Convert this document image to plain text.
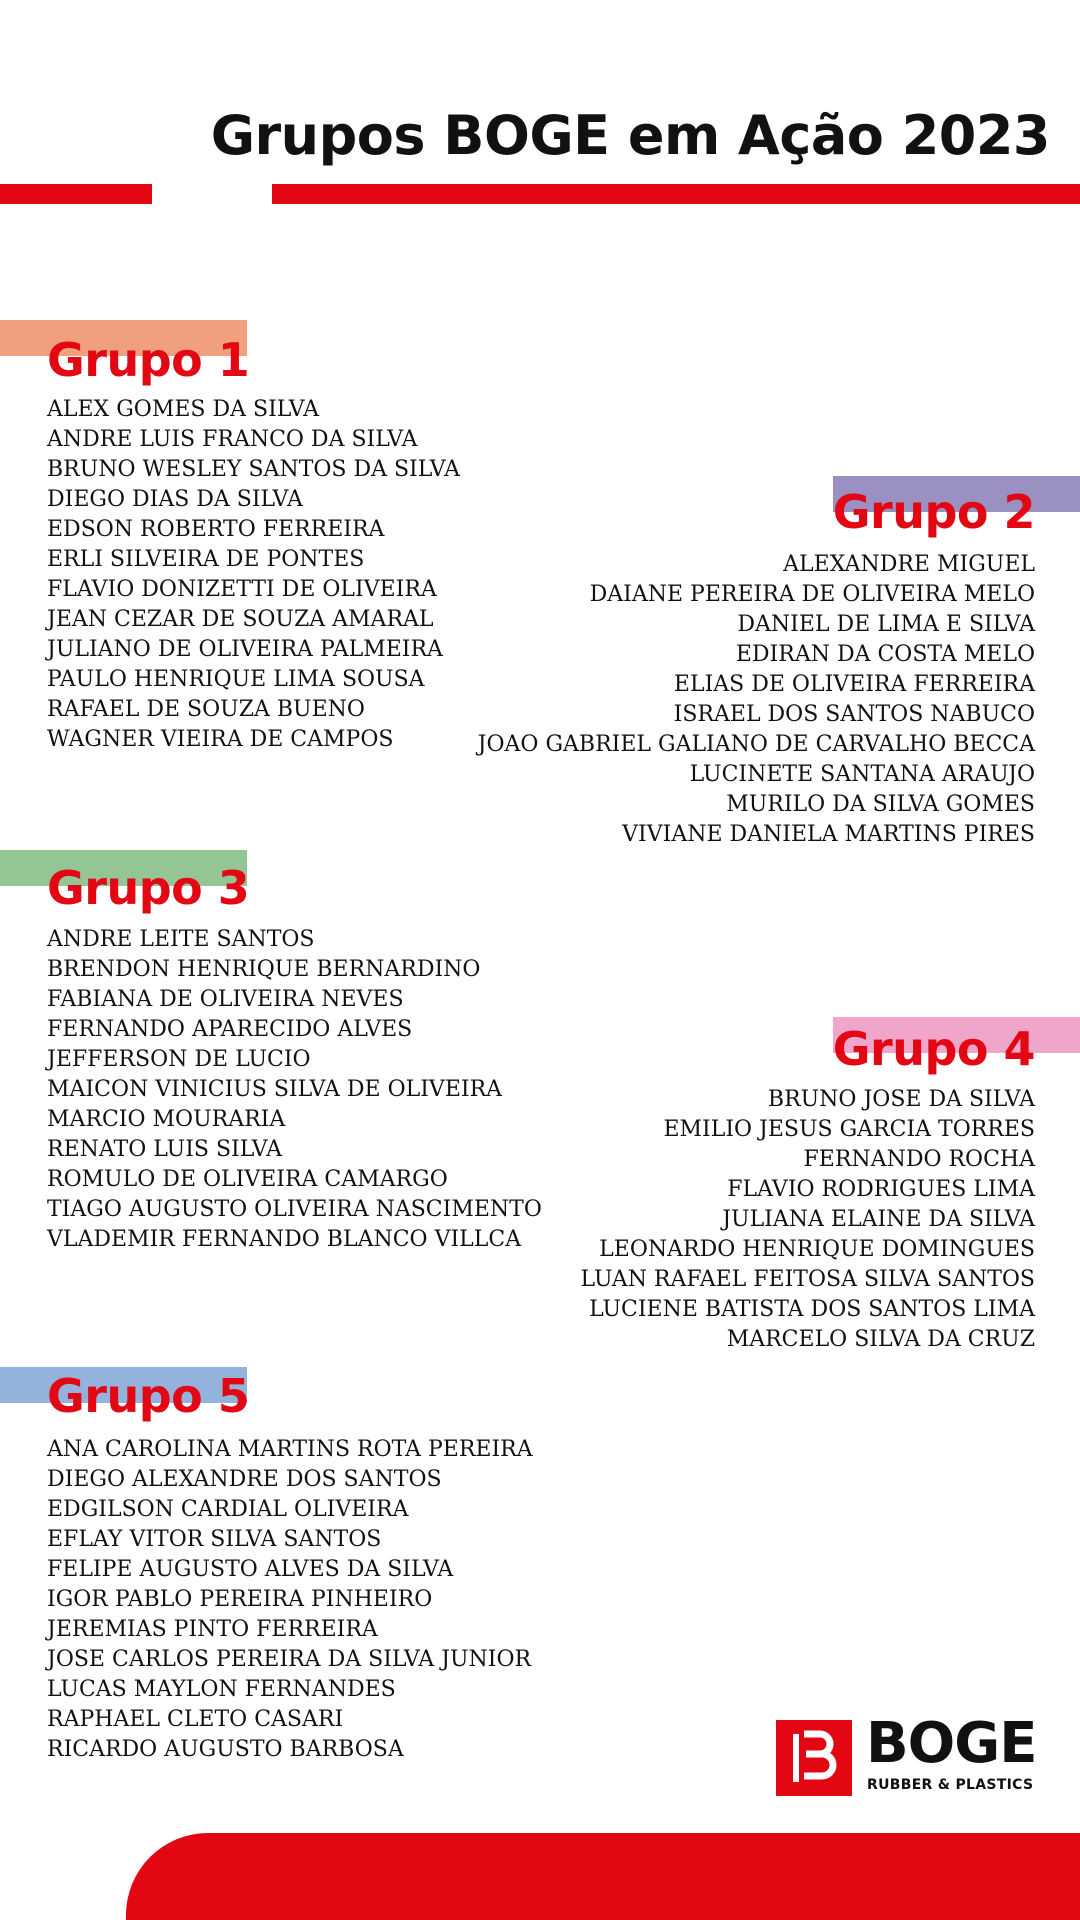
Grupos BOGE em Ação 2023
Grupo 1
ALEX GOMES DA SILVA
ANDRE LUIS FRANCO DA SILVA
BRUNO WESLEY SANTOS DA SILVA
DIEGO DIAS DA SILVA
EDSON ROBERTO FERREIRA
ERLI SILVEIRA DE PONTES
FLAVIO DONIZETTI DE OLIVEIRA
JEAN CEZAR DE SOUZA AMARAL
JULIANO DE OLIVEIRA PALMEIRA
PAULO HENRIQUE LIMA SOUSA
RAFAEL DE SOUZA BUENO
WAGNER VIEIRA DE CAMPOS
Grupo 2
ALEXANDRE MIGUEL
DAIANE PEREIRA DE OLIVEIRA MELO
DANIEL DE LIMA E SILVA
EDIRAN DA COSTA MELO
ELIAS DE OLIVEIRA FERREIRA
ISRAEL DOS SANTOS NABUCO
JOAO GABRIEL GALIANO DE CARVALHO BECCA
LUCINETE SANTANA ARAUJO
MURILO DA SILVA GOMES
VIVIANE DANIELA MARTINS PIRES
Grupo 3
ANDRE LEITE SANTOS
BRENDON HENRIQUE BERNARDINO
FABIANA DE OLIVEIRA NEVES
FERNANDO APARECIDO ALVES
JEFFERSON DE LUCIO
MAICON VINICIUS SILVA DE OLIVEIRA
MARCIO MOURARIA
RENATO LUIS SILVA
ROMULO DE OLIVEIRA CAMARGO
TIAGO AUGUSTO OLIVEIRA NASCIMENTO
VLADEMIR FERNANDO BLANCO VILLCA
Grupo 4
BRUNO JOSE DA SILVA
EMILIO JESUS GARCIA TORRES
FERNANDO ROCHA
FLAVIO RODRIGUES LIMA
JULIANA ELAINE DA SILVA
LEONARDO HENRIQUE DOMINGUES
LUAN RAFAEL FEITOSA SILVA SANTOS
LUCIENE BATISTA DOS SANTOS LIMA
MARCELO SILVA DA CRUZ
Grupo 5
ANA CAROLINA MARTINS ROTA PEREIRA
DIEGO ALEXANDRE DOS SANTOS
EDGILSON CARDIAL OLIVEIRA
EFLAY VITOR SILVA SANTOS
FELIPE AUGUSTO ALVES DA SILVA
IGOR PABLO PEREIRA PINHEIRO
JEREMIAS PINTO FERREIRA
JOSE CARLOS PEREIRA DA SILVA JUNIOR
LUCAS MAYLON FERNANDES
RAPHAEL CLETO CASARI
RICARDO AUGUSTO BARBOSA	BOGE
RUBBER & PLASTICS
